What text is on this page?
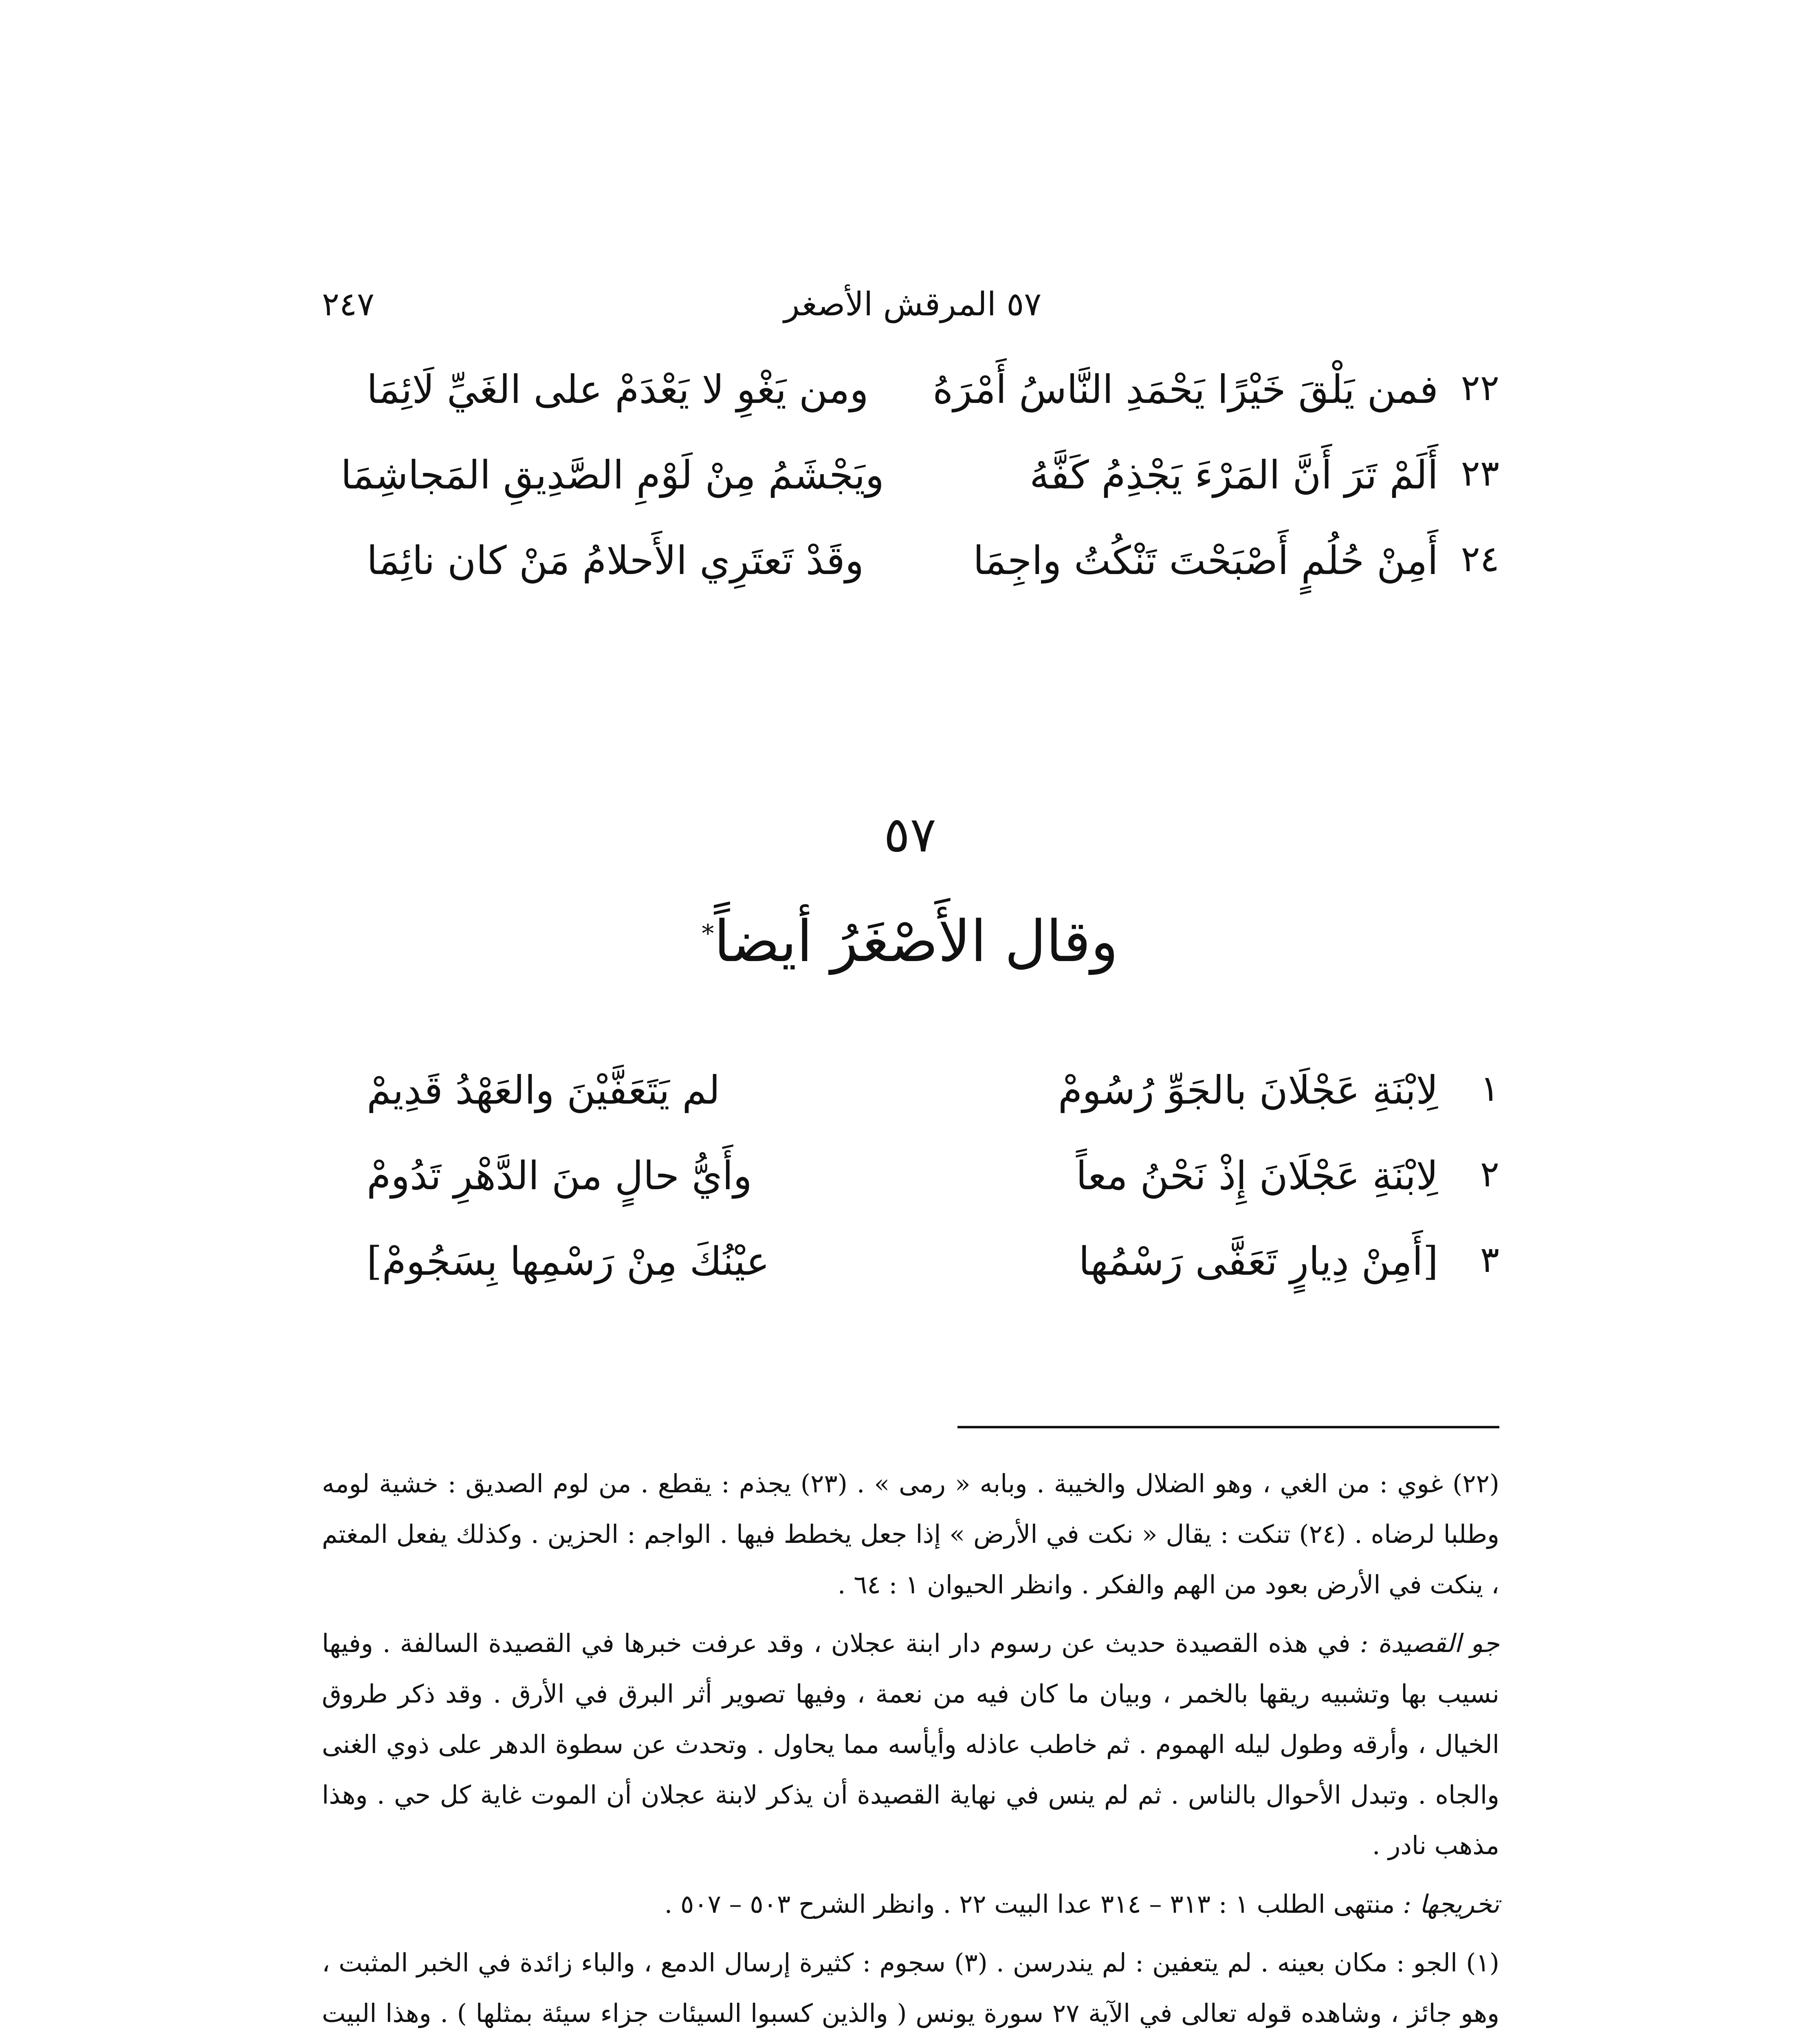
٥٧ المرقش الأصغر
٢٤٧
٢٢
فمن يَلْقَ خَيْرًا يَحْمَدِ النَّاسُ أَمْرَهُ
ومن يَغْوِ لا يَعْدَمْ على الغَيِّ لَائِمَا
٢٣
أَلَمْ تَرَ أَنَّ المَرْءَ يَجْذِمُ كَفَّهُ
ويَجْشَمُ مِنْ لَوْمِ الصَّدِيقِ المَجاشِمَا
٢٤
أَمِنْ حُلُمٍ أَصْبَحْتَ تَنْكُتُ واجِمَا
وقَدْ تَعتَرِي الأَحلامُ مَنْ كان نائِمَا
٥٧
وقال الأَصْغَرُ أيضاً*
١
لِابْنَةِ عَجْلَانَ بالجَوِّ رُسُومْ
لم يَتَعَفَّيْنَ والعَهْدُ قَدِيمْ
٢
لِابْنَةِ عَجْلَانَ إِذْ نَحْنُ معاً
وأَيُّ حالٍ منَ الدَّهْرِ تَدُومْ
٣
[أَمِنْ دِيارٍ تَعَفَّى رَسْمُها
عيْنُكَ مِنْ رَسْمِها بِسَجُومْ]

(٢٢) غوي : من الغي ، وهو الضلال والخيبة . وبابه « رمى » . (٢٣) يجذم : يقطع . من لوم الصديق : خشية لومه وطلبا لرضاه . (٢٤) تنكت : يقال « نكت في الأرض » إذا جعل يخطط فيها . الواجم : الحزين . وكذلك يفعل المغتم ، ينكت في الأرض بعود من الهم والفكر . وانظر الحيوان ١ : ٦٤ .

جو القصيدة : في هذه القصيدة حديث عن رسوم دار ابنة عجلان ، وقد عرفت خبرها في القصيدة السالفة . وفيها نسيب بها وتشبيه ريقها بالخمر ، وبيان ما كان فيه من نعمة ، وفيها تصوير أثر البرق في الأرق . وقد ذكر طروق الخيال ، وأرقه وطول ليله الهموم . ثم خاطب عاذله وأيأسه مما يحاول . وتحدث عن سطوة الدهر على ذوي الغنى والجاه . وتبدل الأحوال بالناس . ثم لم ينس في نهاية القصيدة أن يذكر لابنة عجلان أن الموت غاية كل حي . وهذا مذهب نادر .

تخريجها : منتهى الطلب ١ : ٣١٣ – ٣١٤ عدا البيت ٢٢ . وانظر الشرح ٥٠٣ – ٥٠٧ .

(١) الجو : مكان بعينه . لم يتعفين : لم يندرسن . (٣) سجوم : كثيرة إرسال الدمع ، والباء زائدة في الخبر المثبت ، وهو جائز ، وشاهده قوله تعالى في الآية ٢٧ سورة يونس ( والذين كسبوا السيئات جزاء سيئة بمثلها ) . وهذا البيت
